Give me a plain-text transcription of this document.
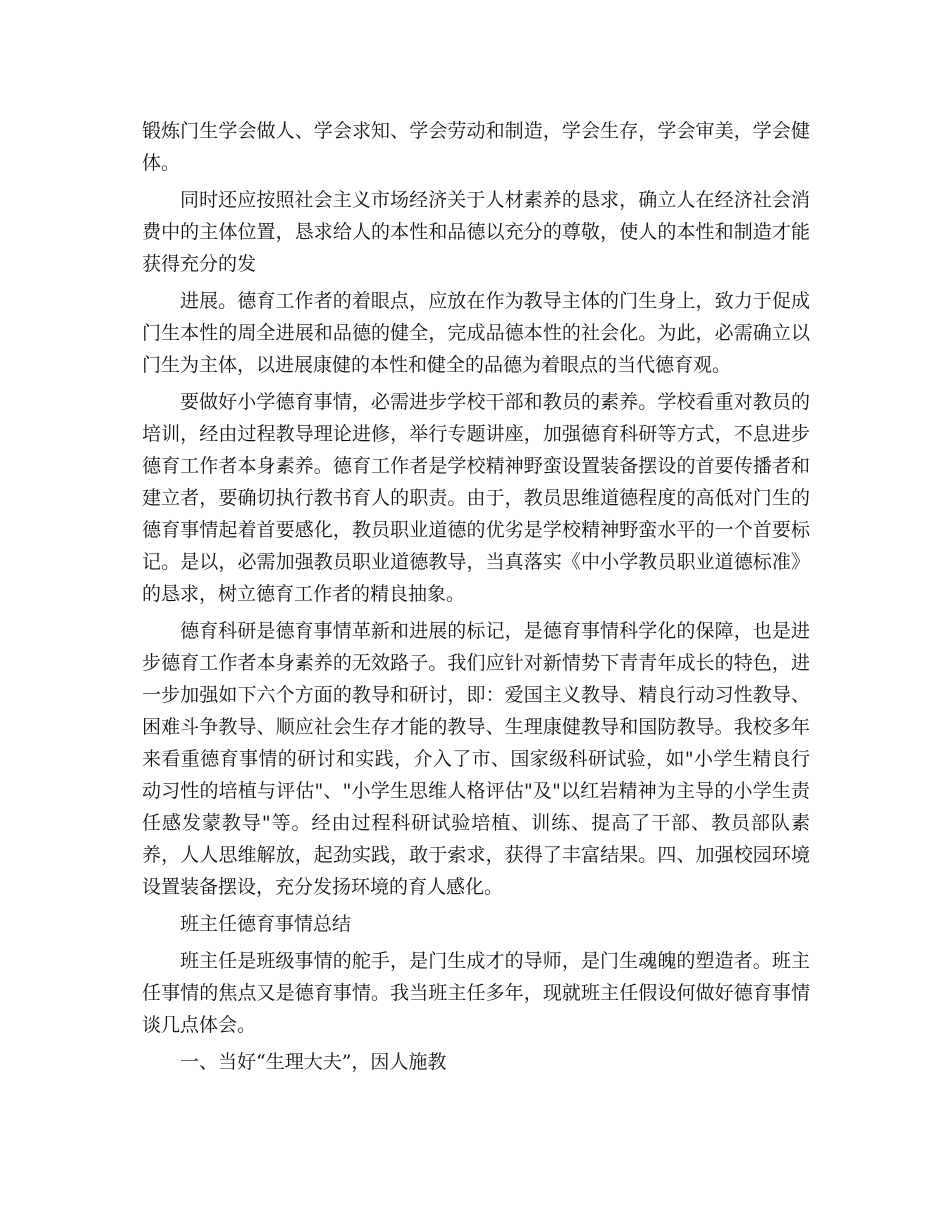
锻炼门生学会做人、学会求知、学会劳动和制造，学会生存，学会审美，学会健体。

同时还应按照社会主义市场经济关于人材素养的恳求，确立人在经济社会消费中的主体位置，恳求给人的本性和品德以充分的尊敬，使人的本性和制造才能获得充分的发

进展。德育工作者的着眼点，应放在作为教导主体的门生身上，致力于促成门生本性的周全进展和品德的健全，完成品德本性的社会化。为此，必需确立以门生为主体，以进展康健的本性和健全的品德为着眼点的当代德育观。

要做好小学德育事情，必需进步学校干部和教员的素养。学校看重对教员的培训，经由过程教导理论进修，举行专题讲座，加强德育科研等方式，不息进步德育工作者本身素养。德育工作者是学校精神野蛮设置装备摆设的首要传播者和建立者，要确切执行教书育人的职责。由于，教员思维道德程度的高低对门生的德育事情起着首要感化，教员职业道德的优劣是学校精神野蛮水平的一个首要标记。是以，必需加强教员职业道德教导，当真落实《中小学教员职业道德标准》的恳求，树立德育工作者的精良抽象。

德育科研是德育事情革新和进展的标记，是德育事情科学化的保障，也是进步德育工作者本身素养的无效路子。我们应针对新情势下青青年成长的特色，进一步加强如下六个方面的教导和研讨，即：爱国主义教导、精良行动习性教导、困难斗争教导、顺应社会生存才能的教导、生理康健教导和国防教导。我校多年来看重德育事情的研讨和实践，介入了市、国家级科研试验，如"小学生精良行动习性的培植与评估"、"小学生思维人格评估"及"以红岩精神为主导的小学生责任感发蒙教导"等。经由过程科研试验培植、训练、提高了干部、教员部队素养，人人思维解放，起劲实践，敢于索求，获得了丰富结果。四、加强校园环境设置装备摆设，充分发扬环境的育人感化。

班主任德育事情总结

班主任是班级事情的舵手，是门生成才的导师，是门生魂魄的塑造者。班主任事情的焦点又是德育事情。我当班主任多年，现就班主任假设何做好德育事情谈几点体会。

一、当好“生理大夫”，因人施教
